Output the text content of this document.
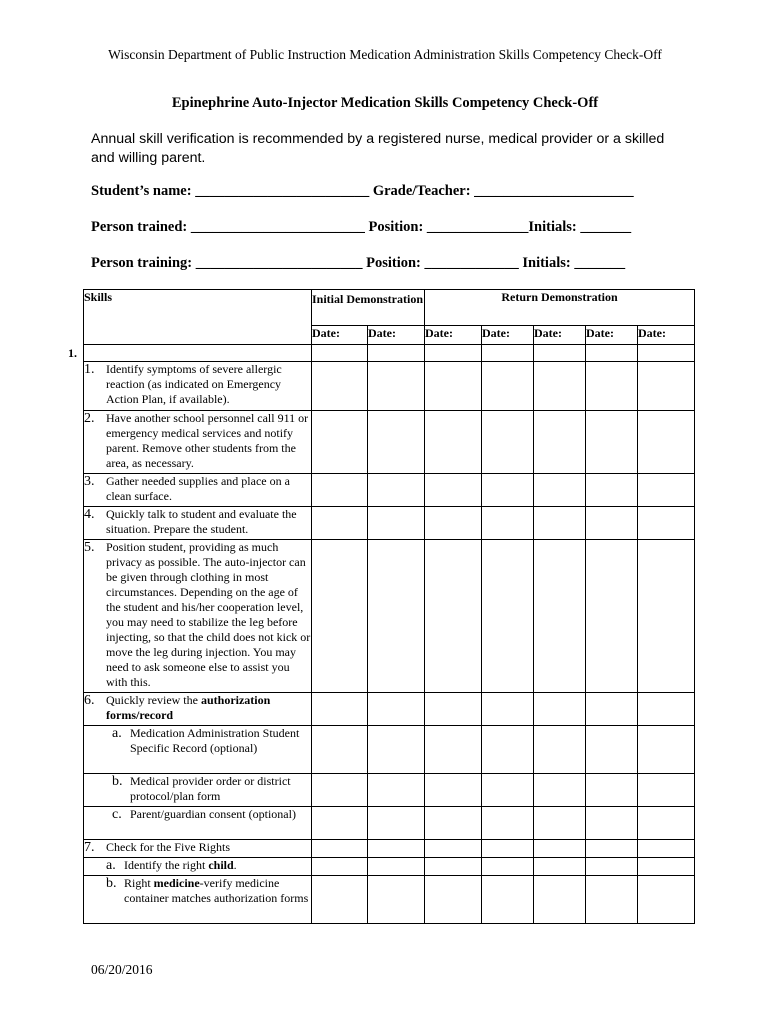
Wisconsin Department of Public Instruction Medication Administration Skills Competency Check-Off
Epinephrine Auto-Injector Medication Skills Competency Check-Off
Annual skill verification is recommended by a registered nurse, medical provider or a skilled and willing parent.
Student’s name: ________________________ Grade/Teacher: ______________________
Person trained: ________________________ Position: ______________Initials: _______
Person training: _______________________ Position: _____________ Initials: _______
1.
Skills	Initial Demonstration		Return Demonstration				
	Date:	Date:	Date:	Date:	Date:	Date:	Date:

1. Identify symptoms of severe allergic reaction (as indicated on Emergency Action Plan, if available).							

2. Have another school personnel call 911 or emergency medical services and notify parent. Remove other students from the area, as necessary.							

3. Gather needed supplies and place on a clean surface.							

4. Quickly talk to student and evaluate the situation. Prepare the student.							

5. Position student, providing as much privacy as possible. The auto-injector can be given through clothing in most circumstances. Depending on the age of the student and his/her cooperation level, you may need to stabilize the leg before injecting, so that the child does not kick or move the leg during injection. You may need to ask someone else to assist you with this.							

6. Quickly review the authorization forms/record							

a. Medication Administration Student Specific Record (optional)							

b. Medical provider order or district protocol/plan form							

c. Parent/guardian consent (optional)							

7. Check for the Five Rights							

a. Identify the right child.							

b. Right medicine-verify medicine container matches authorization forms							

06/20/2016
